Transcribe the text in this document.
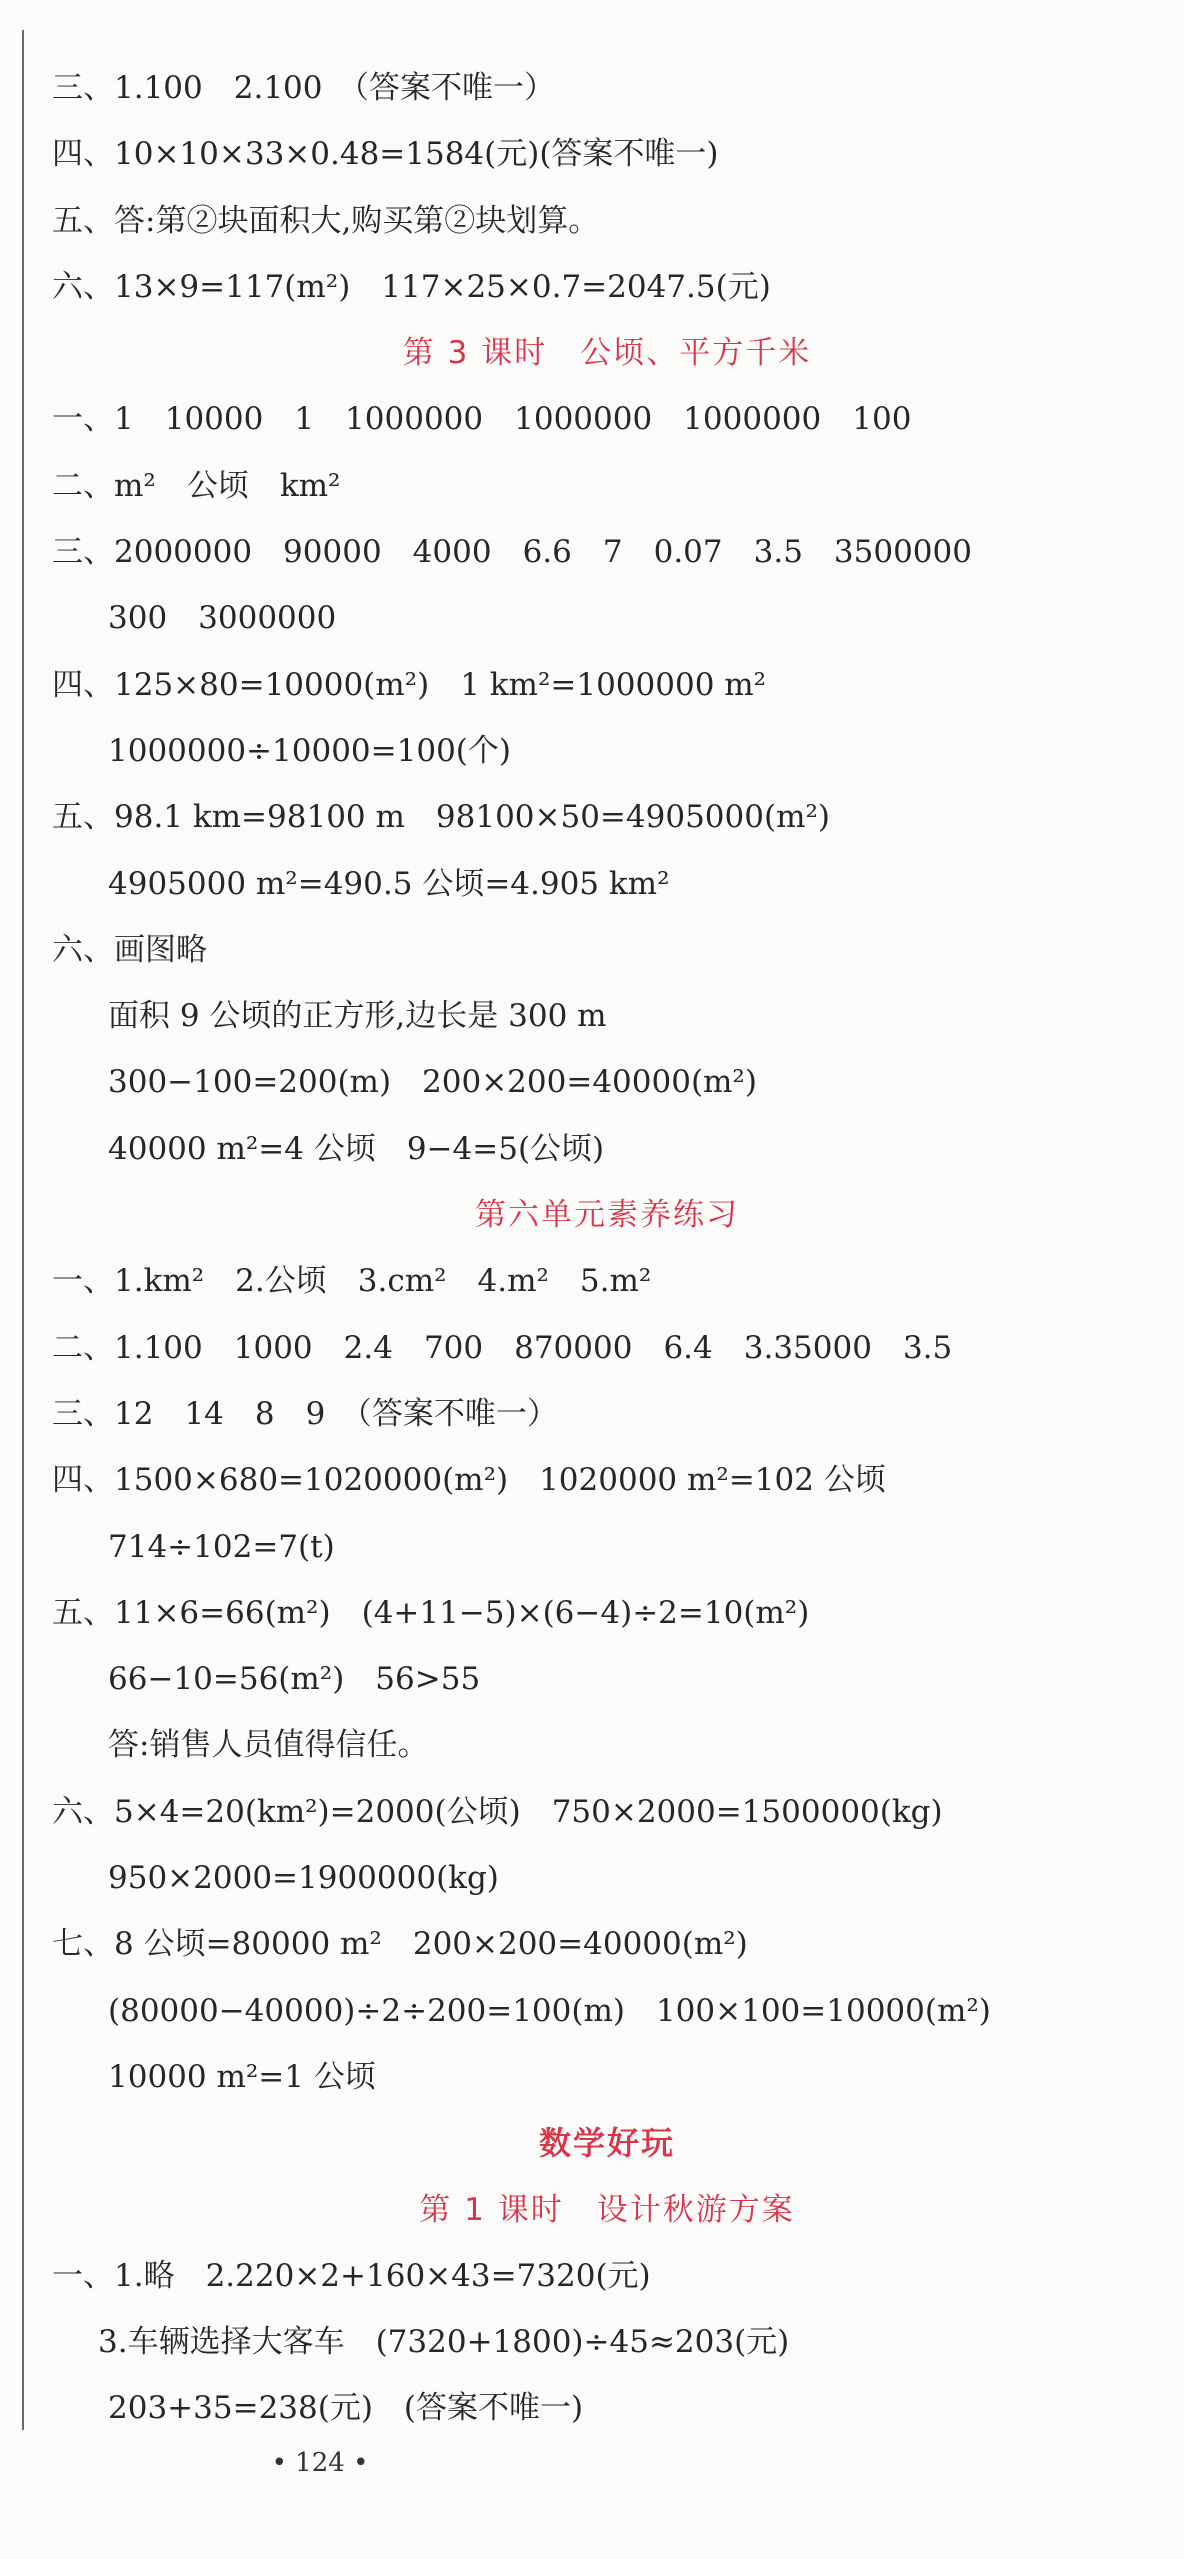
三、1.100　2.100　（答案不唯一）
四、10×10×33×0.48=1584(元)(答案不唯一)
五、答:第②块面积大,购买第②块划算。
六、13×9=117(m²)　117×25×0.7=2047.5(元)
第 3 课时　公顷、平方千米
一、1　10000　1　1000000　1000000　1000000　100
二、m²　公顷　km²
三、2000000　90000　4000　6.6　7　0.07　3.5　3500000
300　3000000
四、125×80=10000(m²)　1 km²=1000000 m²
1000000÷10000=100(个)
五、98.1 km=98100 m　98100×50=4905000(m²)
4905000 m²=490.5 公顷=4.905 km²
六、画图略
面积 9 公顷的正方形,边长是 300 m
300−100=200(m)　200×200=40000(m²)
40000 m²=4 公顷　9−4=5(公顷)
第六单元素养练习
一、1.km²　2.公顷　3.cm²　4.m²　5.m²
二、1.100　1000　2.4　700　870000　6.4　3.35000　3.5
三、12　14　8　9　（答案不唯一）
四、1500×680=1020000(m²)　1020000 m²=102 公顷
714÷102=7(t)
五、11×6=66(m²)　(4+11−5)×(6−4)÷2=10(m²)
66−10=56(m²)　56>55
答:销售人员值得信任。
六、5×4=20(km²)=2000(公顷)　750×2000=1500000(kg)
950×2000=1900000(kg)
七、8 公顷=80000 m²　200×200=40000(m²)
(80000−40000)÷2÷200=100(m)　100×100=10000(m²)
10000 m²=1 公顷
数学好玩
第 1 课时　设计秋游方案
一、1.略　2.220×2+160×43=7320(元)
3.车辆选择大客车　(7320+1800)÷45≈203(元)
203+35=238(元)　(答案不唯一)
• 124 •
